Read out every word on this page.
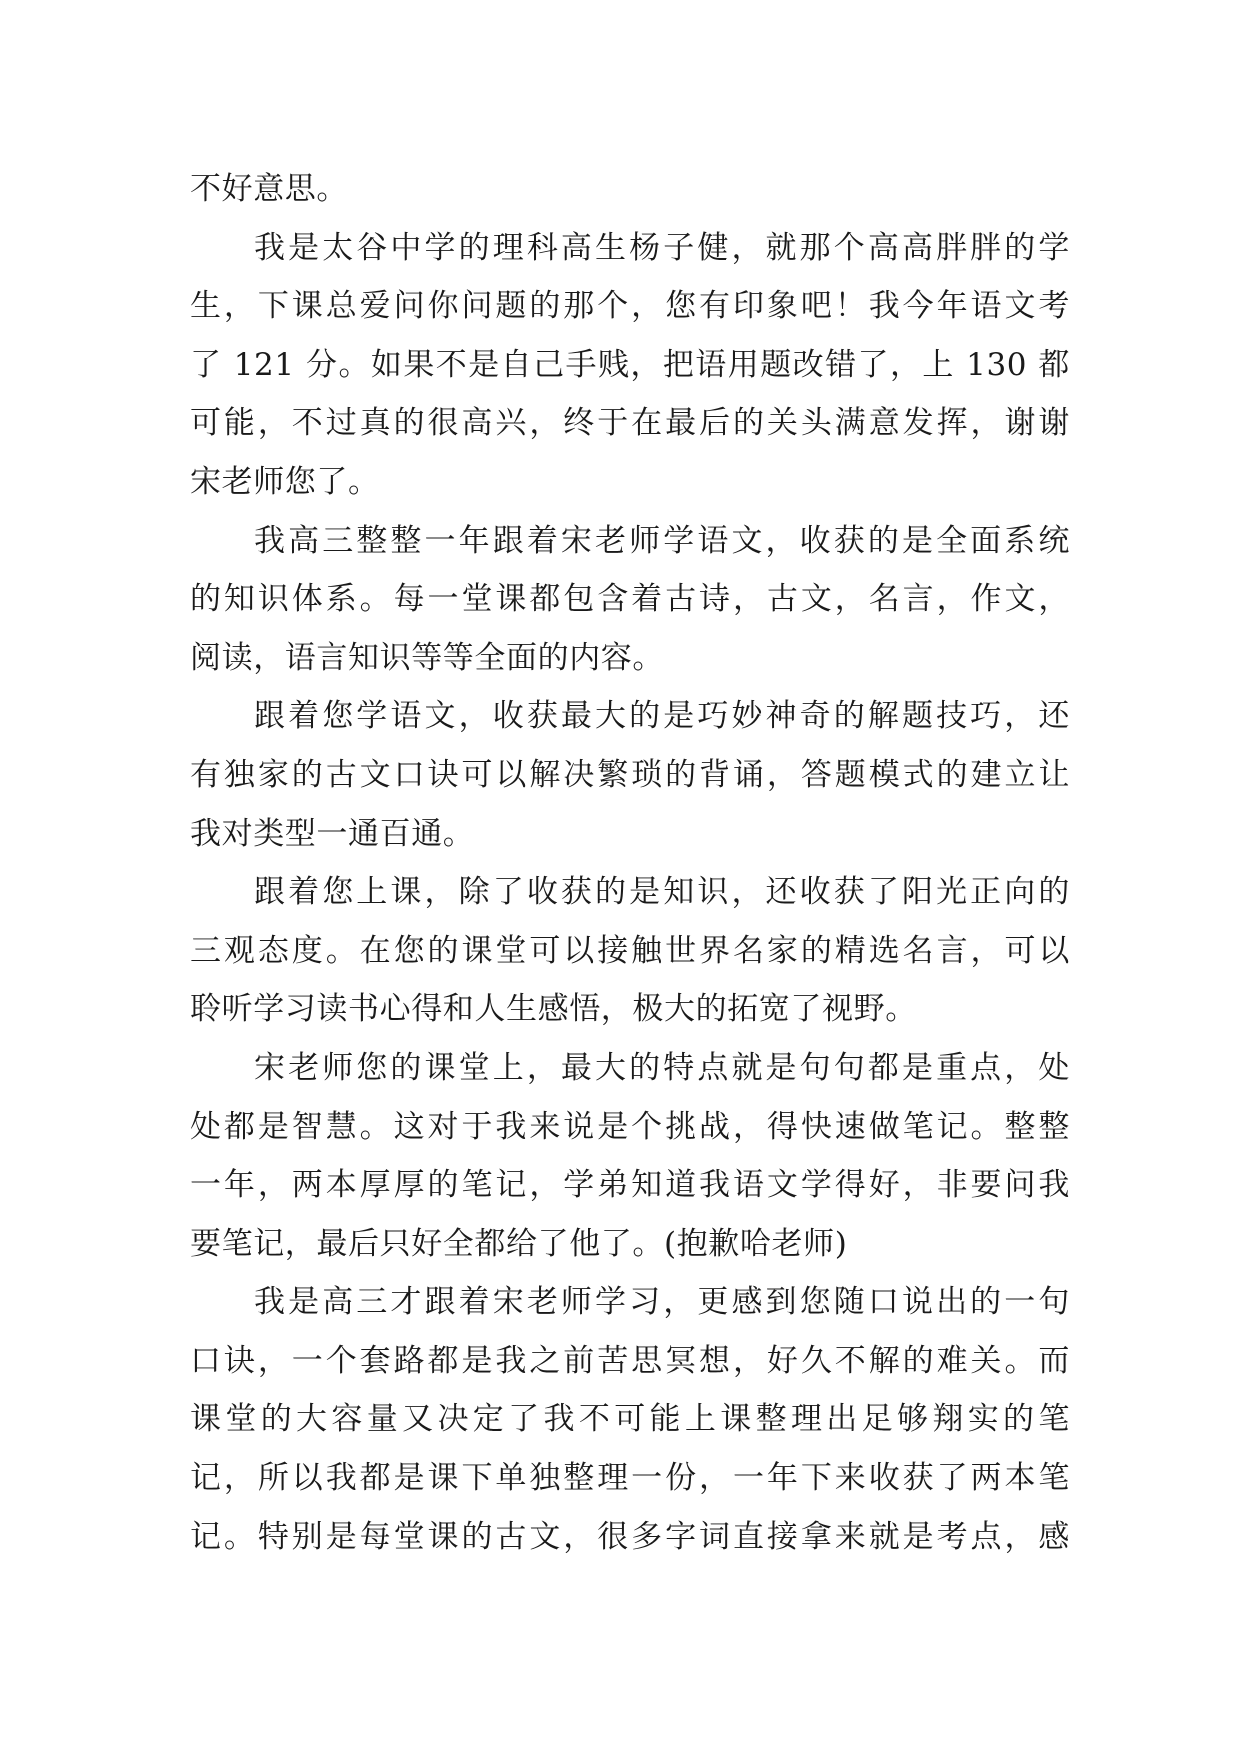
不好意思。
我是太谷中学的理科高生杨子健，就那个高高胖胖的学
生，下课总爱问你问题的那个，您有印象吧！我今年语文考
了 121 分。如果不是自己手贱，把语用题改错了，上 130 都
可能，不过真的很高兴，终于在最后的关头满意发挥，谢谢
宋老师您了。
我高三整整一年跟着宋老师学语文，收获的是全面系统
的知识体系。每一堂课都包含着古诗，古文，名言，作文，
阅读，语言知识等等全面的内容。
跟着您学语文，收获最大的是巧妙神奇的解题技巧，还
有独家的古文口诀可以解决繁琐的背诵，答题模式的建立让
我对类型一通百通。
跟着您上课，除了收获的是知识，还收获了阳光正向的
三观态度。在您的课堂可以接触世界名家的精选名言，可以
聆听学习读书心得和人生感悟，极大的拓宽了视野。
宋老师您的课堂上，最大的特点就是句句都是重点，处
处都是智慧。这对于我来说是个挑战，得快速做笔记。整整
一年，两本厚厚的笔记，学弟知道我语文学得好，非要问我
要笔记，最后只好全都给了他了。(抱歉哈老师)
我是高三才跟着宋老师学习，更感到您随口说出的一句
口诀，一个套路都是我之前苦思冥想，好久不解的难关。而
课堂的大容量又决定了我不可能上课整理出足够翔实的笔
记，所以我都是课下单独整理一份，一年下来收获了两本笔
记。特别是每堂课的古文，很多字词直接拿来就是考点，感
